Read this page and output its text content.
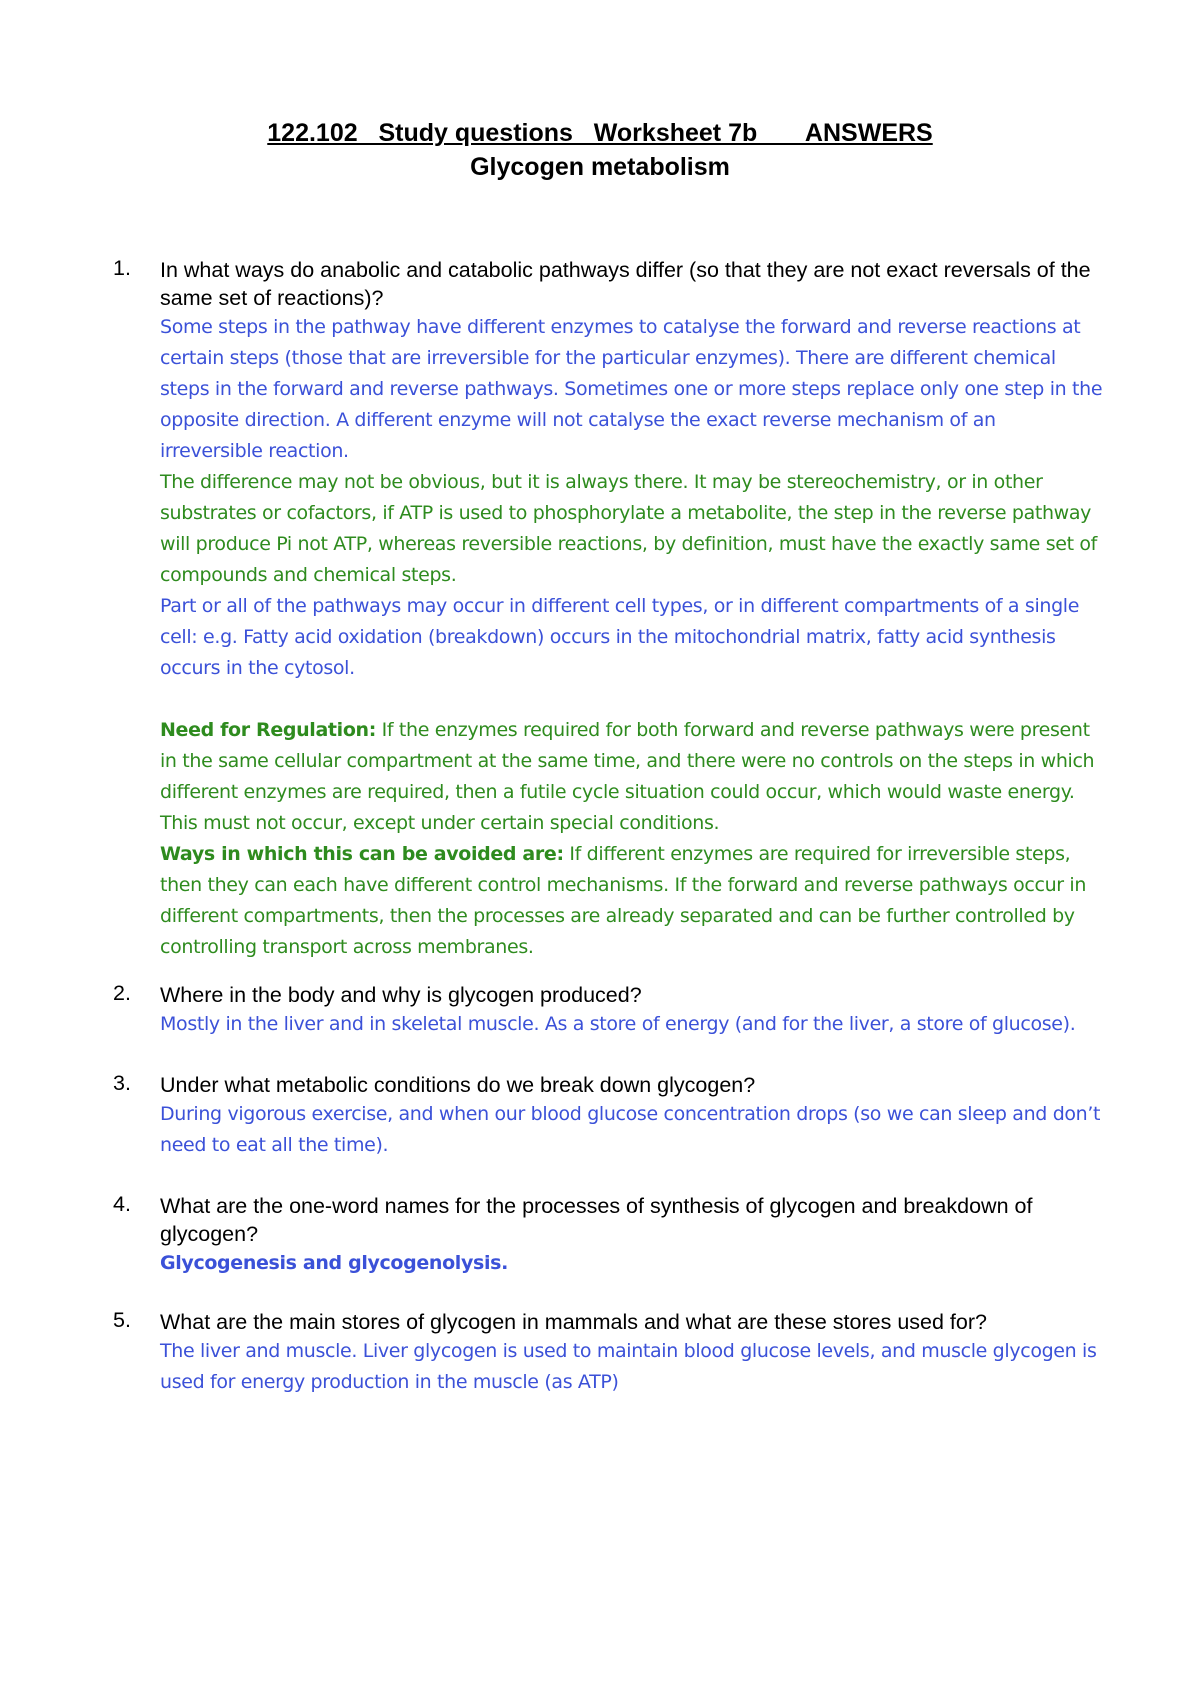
122.102   Study questions   Worksheet 7b       ANSWERS
Glycogen metabolism
1. In what ways do anabolic and catabolic pathways differ (so that they are not exact reversals of the same set of reactions)?
Some steps in the pathway have different enzymes to catalyse the forward and reverse reactions at certain steps (those that are irreversible for the particular enzymes). There are different chemical steps in the forward and reverse pathways. Sometimes one or more steps replace only one step in the opposite direction. A different enzyme will not catalyse the exact reverse mechanism of an irreversible reaction.
The difference may not be obvious, but it is always there. It may be stereochemistry, or in other substrates or cofactors, if ATP is used to phosphorylate a metabolite, the step in the reverse pathway will produce Pi not ATP, whereas reversible reactions, by definition, must have the exactly same set of compounds and chemical steps.
Part or all of the pathways may occur in different cell types, or in different compartments of a single cell: e.g. Fatty acid oxidation (breakdown) occurs in the mitochondrial matrix, fatty acid synthesis occurs in the cytosol.
Need for Regulation: If the enzymes required for both forward and reverse pathways were present in the same cellular compartment at the same time, and there were no controls on the steps in which different enzymes are required, then a futile cycle situation could occur, which would waste energy. This must not occur, except under certain special conditions.
Ways in which this can be avoided are: If different enzymes are required for irreversible steps, then they can each have different control mechanisms. If the forward and reverse pathways occur in different compartments, then the processes are already separated and can be further controlled by controlling transport across membranes.
2. Where in the body and why is glycogen produced?
Mostly in the liver and in skeletal muscle. As a store of energy (and for the liver, a store of glucose).
3. Under what metabolic conditions do we break down glycogen?
During vigorous exercise, and when our blood glucose concentration drops (so we can sleep and don’t need to eat all the time).
4. What are the one-word names for the processes of synthesis of glycogen and breakdown of glycogen?
Glycogenesis and glycogenolysis.
5. What are the main stores of glycogen in mammals and what are these stores used for?
The liver and muscle. Liver glycogen is used to maintain blood glucose levels, and muscle glycogen is used for energy production in the muscle (as ATP)
